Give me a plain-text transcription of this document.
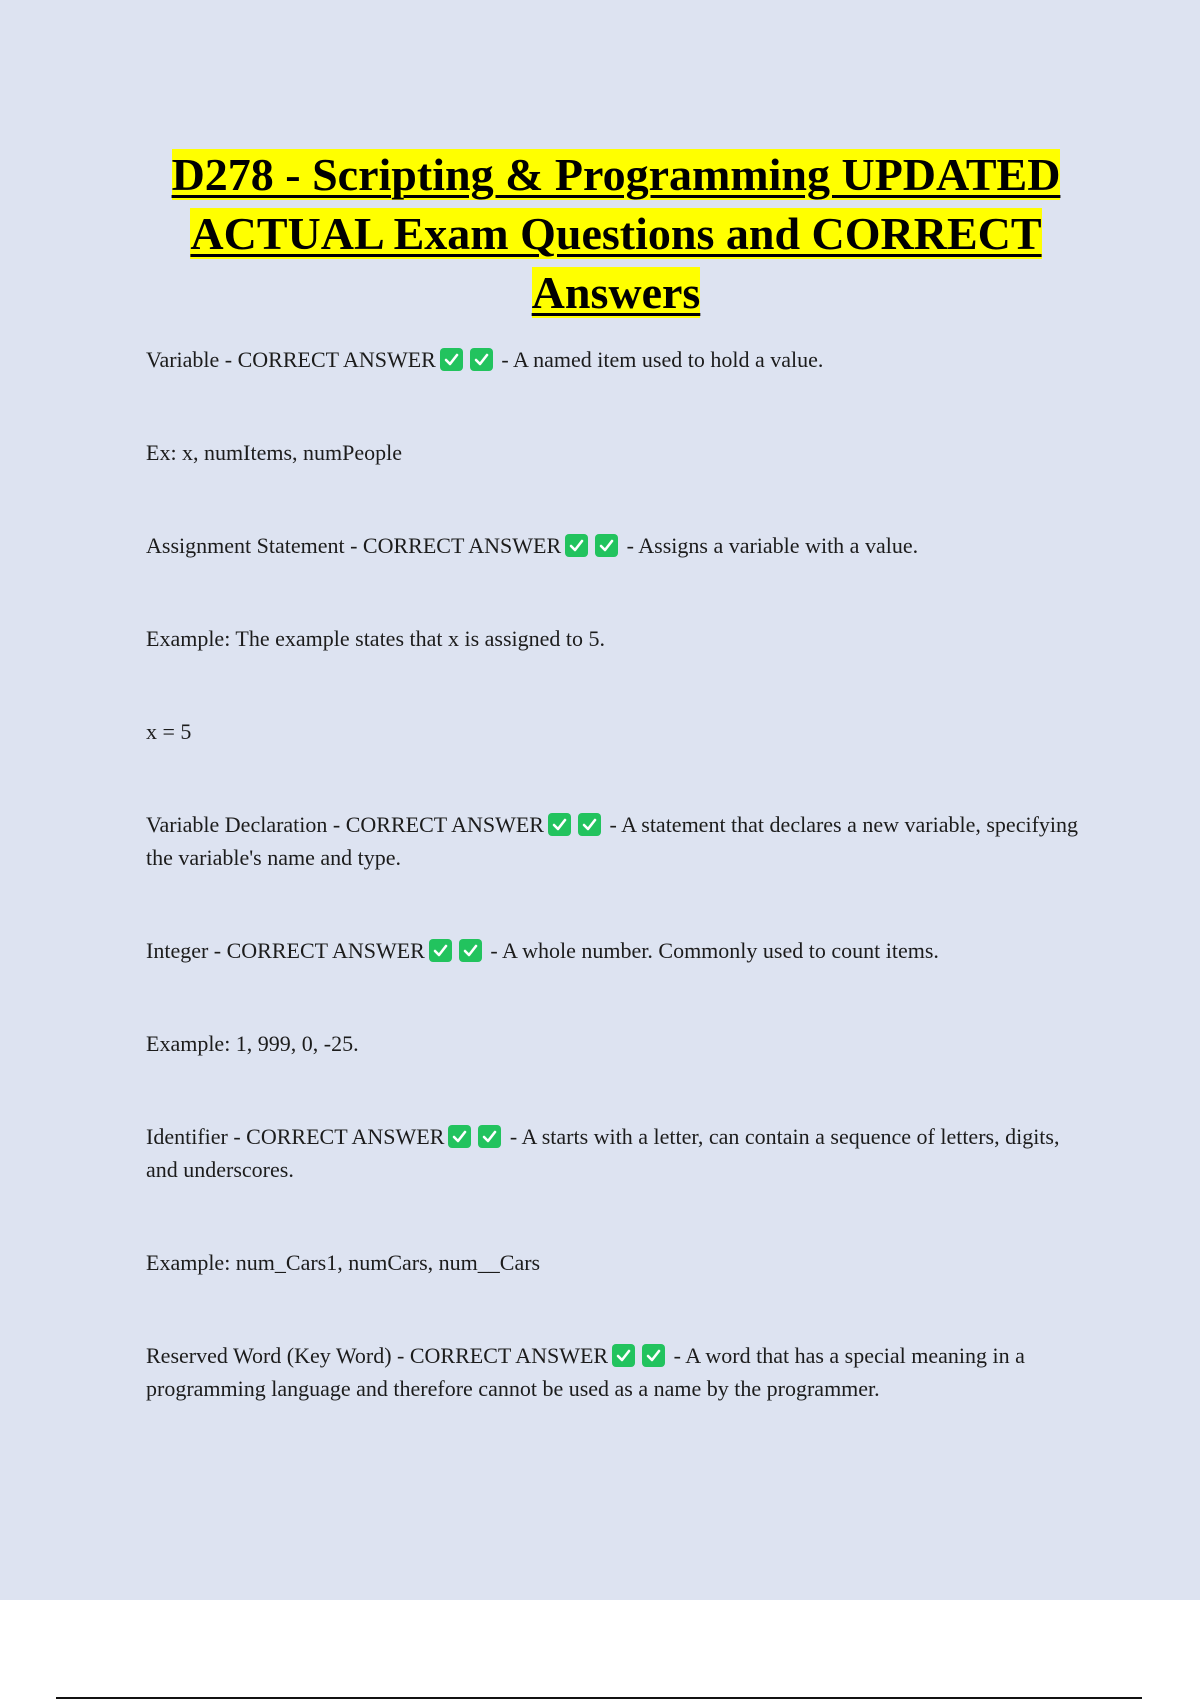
D278 - Scripting & Programming UPDATED ACTUAL Exam Questions and CORRECT Answers

Variable - CORRECT ANSWER	- A named item used to hold a value.

Ex: x, numItems, numPeople

Assignment Statement - CORRECT ANSWER	- Assigns a variable with a value.

Example: The example states that x is assigned to 5.

x = 5

Variable Declaration - CORRECT ANSWER	- A statement that declares a new variable, specifying the variable's name and type.

Integer - CORRECT ANSWER	- A whole number. Commonly used to count items.

Example: 1, 999, 0, -25.

Identifier - CORRECT ANSWER	- A starts with a letter, can contain a sequence of letters, digits, and underscores.

Example: num_Cars1, numCars, num__Cars

Reserved Word (Key Word) - CORRECT ANSWER	- A word that has a special meaning in a programming language and therefore cannot be used as a name by the programmer.
